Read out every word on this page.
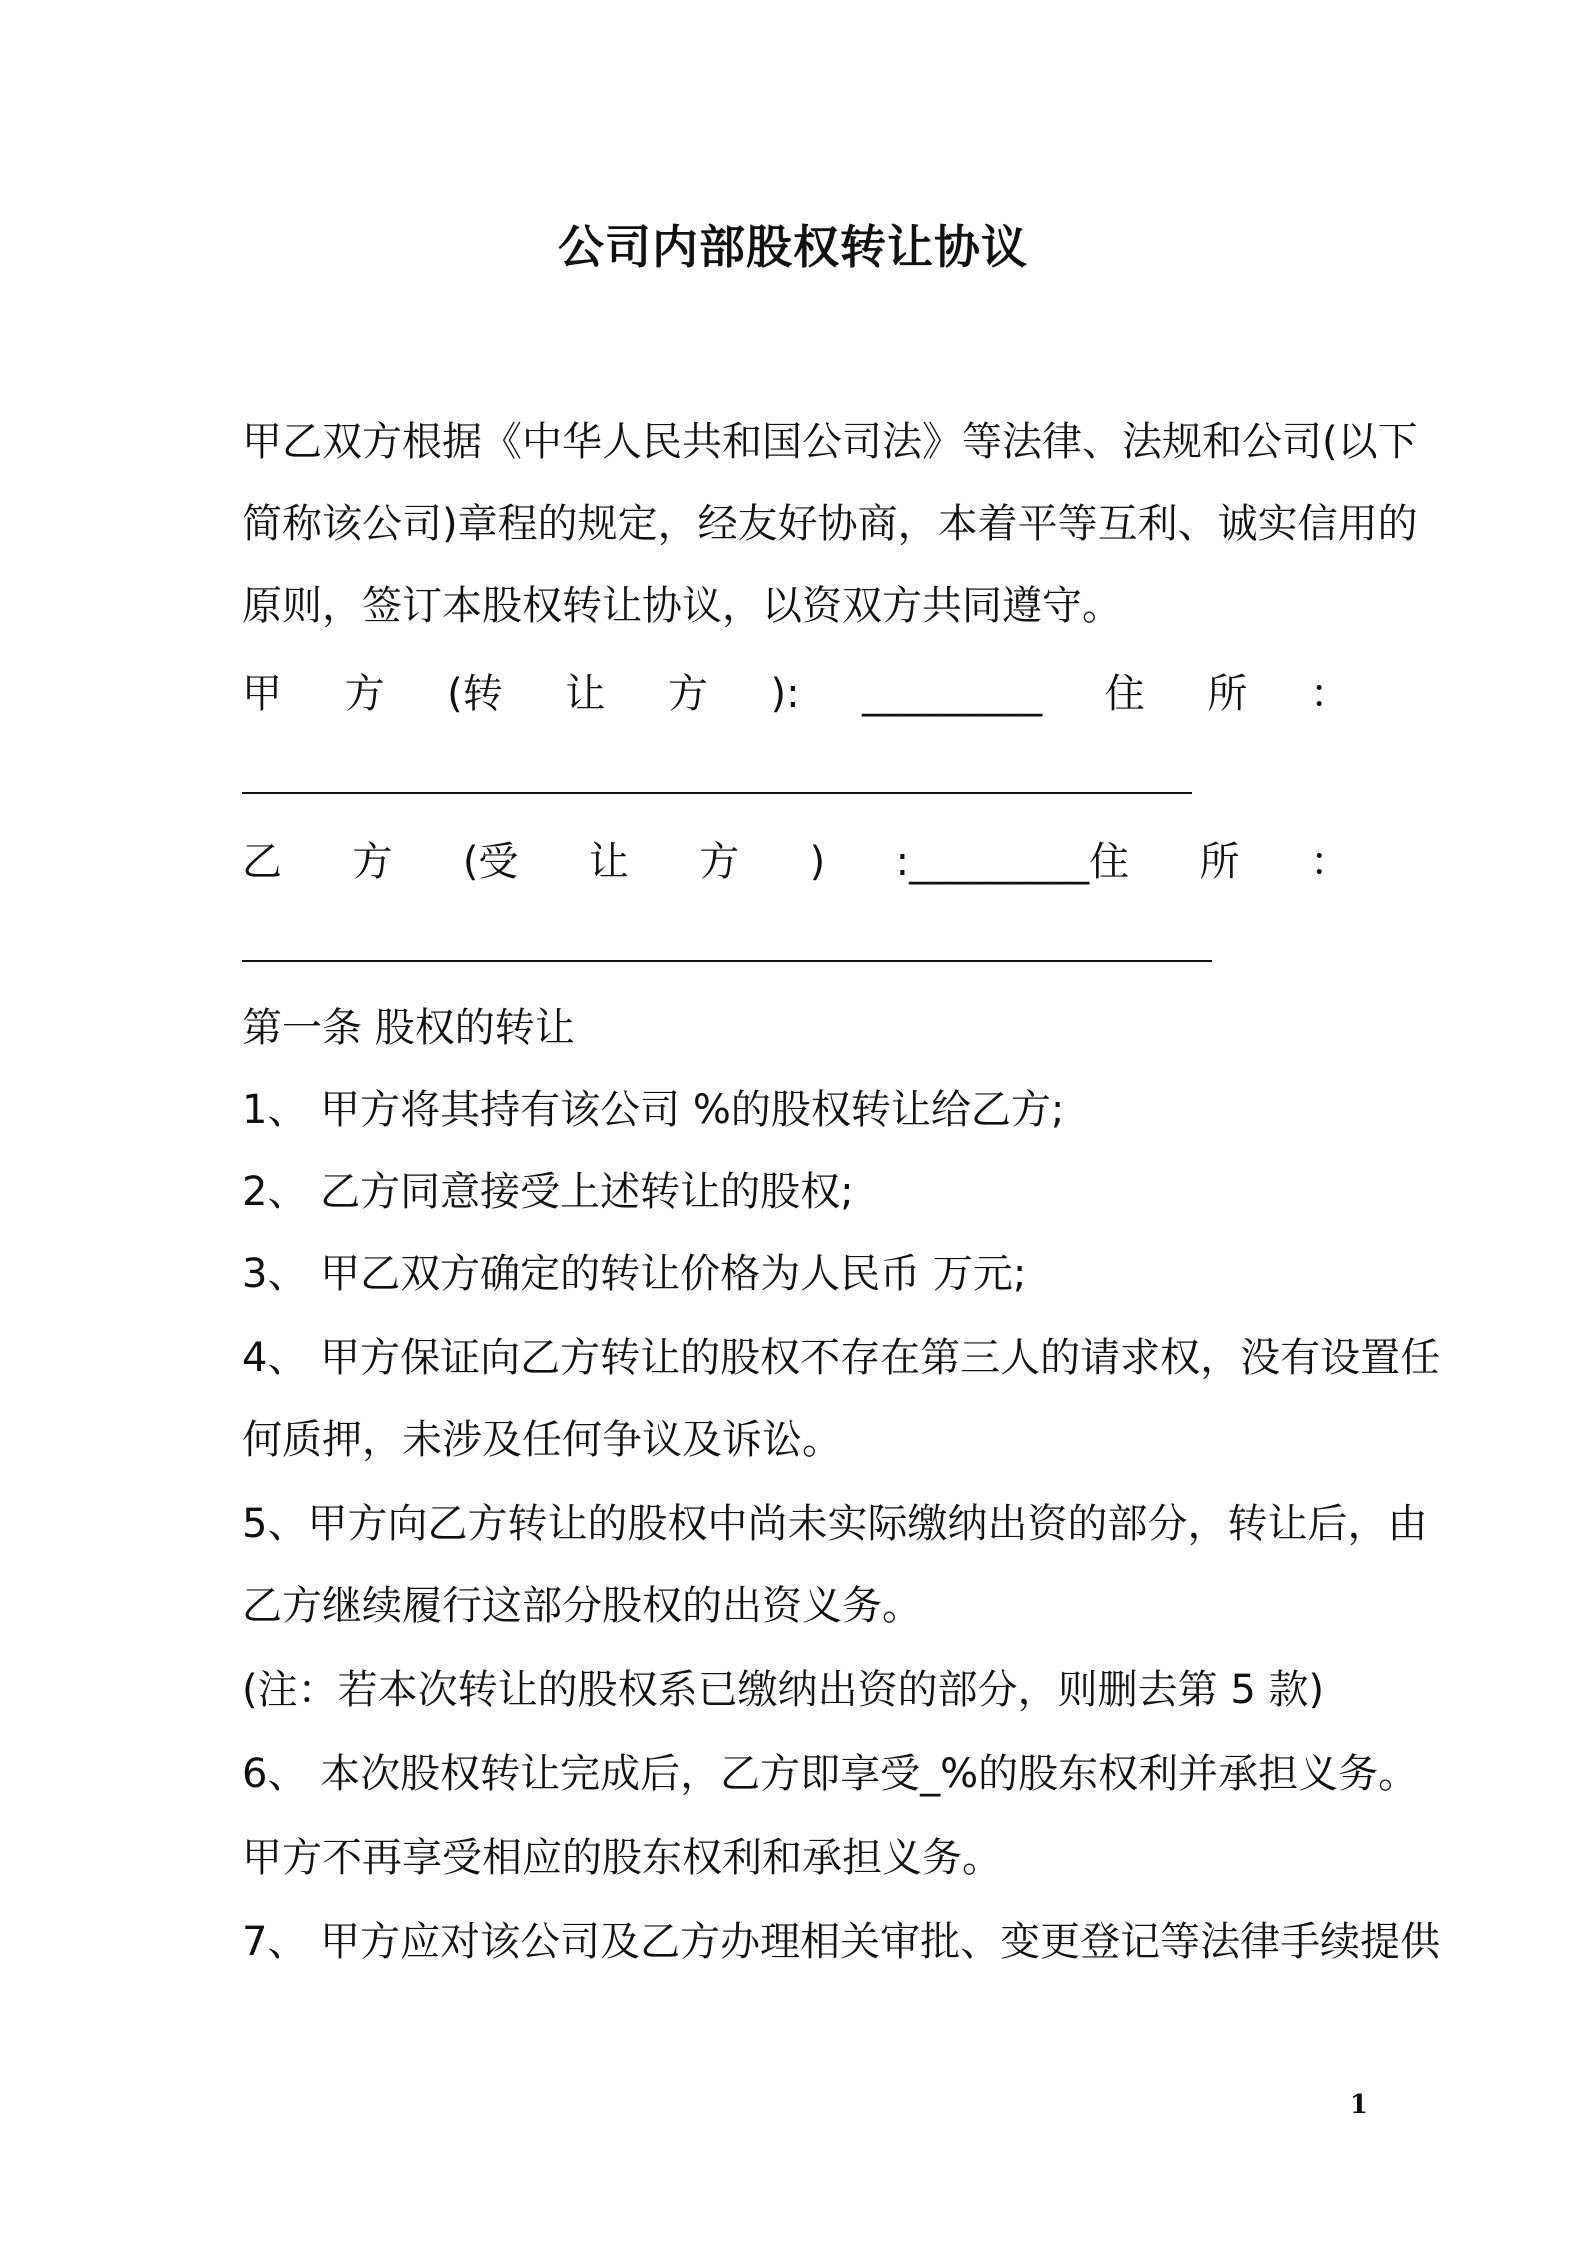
公司内部股权转让协议
甲乙双方根据《中华人民共和国公司法》等法律、法规和公司(以下
简称该公司)章程的规定，经友好协商，本着平等互利、诚实信用的
原则，签订本股权转让协议，以资双方共同遵守。
甲 方 (转 让 方 ): _________ 住 所 ：
乙 方 (受 让 方 ) :_________住 所 ：
第一条 股权的转让
1、 甲方将其持有该公司 %的股权转让给乙方;
2、 乙方同意接受上述转让的股权;
3、 甲乙双方确定的转让价格为人民币 万元;
4、 甲方保证向乙方转让的股权不存在第三人的请求权，没有设置任
何质押，未涉及任何争议及诉讼。
5、甲方向乙方转让的股权中尚未实际缴纳出资的部分，转让后，由
乙方继续履行这部分股权的出资义务。
(注：若本次转让的股权系已缴纳出资的部分，则删去第 5 款)
6、 本次股权转让完成后，乙方即享受_%的股东权利并承担义务。
甲方不再享受相应的股东权利和承担义务。
7、 甲方应对该公司及乙方办理相关审批、变更登记等法律手续提供
1
